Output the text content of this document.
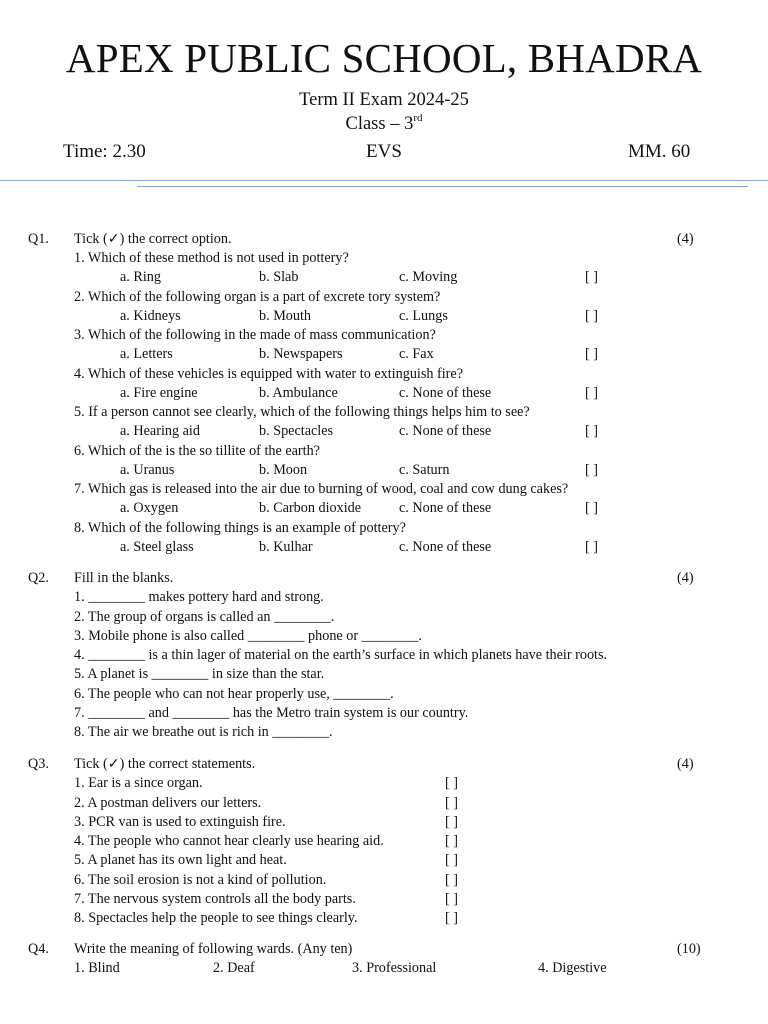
APEX PUBLIC SCHOOL, BHADRA
Term II Exam 2024-25
Class – 3rd
Time: 2.30	EVS	MM. 60
Q1. Tick (✓) the correct option.	(4)
1. Which of these method is not used in pottery?
a. Ring	b. Slab	c. Moving	[ ]
2. Which of the following organ is a part of excrete tory system?
a. Kidneys	b. Mouth	c. Lungs	[ ]
3. Which of the following in the made of mass communication?
a. Letters	b. Newspapers	c. Fax	[ ]
4. Which of these vehicles is equipped with water to extinguish fire?
a. Fire engine	b. Ambulance	c. None of these	[ ]
5. If a person cannot see clearly, which of the following things helps him to see?
a. Hearing aid	b. Spectacles	c. None of these	[ ]
6. Which of the is the so tillite of the earth?
a. Uranus	b. Moon	c. Saturn	[ ]
7. Which gas is released into the air due to burning of wood, coal and cow dung cakes?
a. Oxygen	b. Carbon dioxide	c. None of these	[ ]
8. Which of the following things is an example of pottery?
a. Steel glass	b. Kulhar	c. None of these	[ ]
Q2. Fill in the blanks.	(4)
1. ________ makes pottery hard and strong.
2. The group of organs is called an ________.
3. Mobile phone is also called ________ phone or ________.
4. ________ is a thin lager of material on the earth’s surface in which planets have their roots.
5. A planet is ________ in size than the star.
6. The people who can not hear properly use, ________.
7. ________ and ________ has the Metro train system is our country.
8. The air we breathe out is rich in ________.
Q3. Tick (✓) the correct statements.	(4)
1. Ear is a since organ.	[ ]
2. A postman delivers our letters.	[ ]
3. PCR van is used to extinguish fire.	[ ]
4. The people who cannot hear clearly use hearing aid.	[ ]
5. A planet has its own light and heat.	[ ]
6. The soil erosion is not a kind of pollution.	[ ]
7. The nervous system controls all the body parts.	[ ]
8. Spectacles help the people to see things clearly.	[ ]
Q4. Write the meaning of following wards. (Any ten)	(10)
1. Blind	2. Deaf	3. Professional	4. Digestive
